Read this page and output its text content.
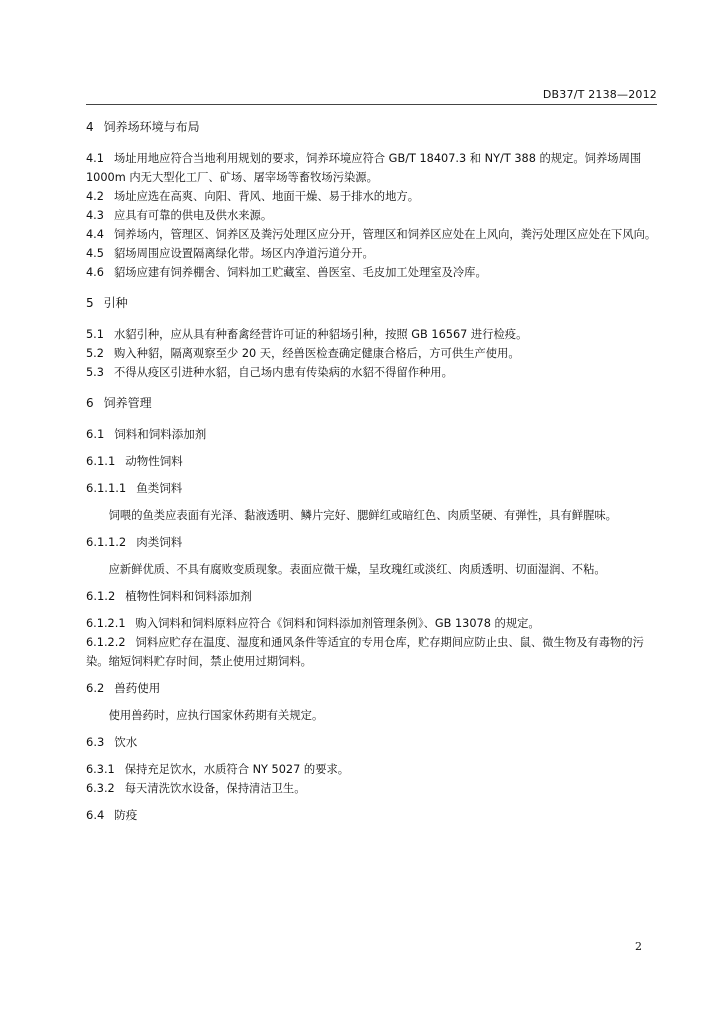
DB37/T 2138—2012
4 饲养场环境与布局

4.1 场址用地应符合当地利用规划的要求，饲养环境应符合 GB/T 18407.3 和 NY/T 388 的规定。饲养场周围 1000m 内无大型化工厂、矿场、屠宰场等畜牧场污染源。

4.2 场址应选在高爽、向阳、背风、地面干燥、易于排水的地方。

4.3 应具有可靠的供电及供水来源。

4.4 饲养场内，管理区、饲养区及粪污处理区应分开，管理区和饲养区应处在上风向，粪污处理区应处在下风向。

4.5 貂场周围应设置隔离绿化带。场区内净道污道分开。

4.6 貂场应建有饲养棚舍、饲料加工贮藏室、兽医室、毛皮加工处理室及冷库。

5 引种

5.1 水貂引种，应从具有种畜禽经营许可证的种貂场引种，按照 GB 16567 进行检疫。

5.2 购入种貂，隔离观察至少 20 天，经兽医检查确定健康合格后，方可供生产使用。

5.3 不得从疫区引进种水貂，自己场内患有传染病的水貂不得留作种用。

6 饲养管理
6.1 饲料和饲料添加剂
6.1.1 动物性饲料
6.1.1.1 鱼类饲料

饲喂的鱼类应表面有光泽、黏液透明、鳞片完好、腮鲜红或暗红色、肉质坚硬、有弹性，具有鲜腥味。

6.1.1.2 肉类饲料

应新鲜优质、不具有腐败变质现象。表面应微干燥，呈玫瑰红或淡红、肉质透明、切面湿润、不粘。

6.1.2 植物性饲料和饲料添加剂

6.1.2.1 购入饲料和饲料原料应符合《饲料和饲料添加剂管理条例》、GB 13078 的规定。

6.1.2.2 饲料应贮存在温度、湿度和通风条件等适宜的专用仓库，贮存期间应防止虫、鼠、微生物及有毒物的污染。缩短饲料贮存时间，禁止使用过期饲料。

6.2 兽药使用

使用兽药时，应执行国家休药期有关规定。

6.3 饮水

6.3.1 保持充足饮水，水质符合 NY 5027 的要求。

6.3.2 每天清洗饮水设备，保持清洁卫生。

6.4 防疫
2
